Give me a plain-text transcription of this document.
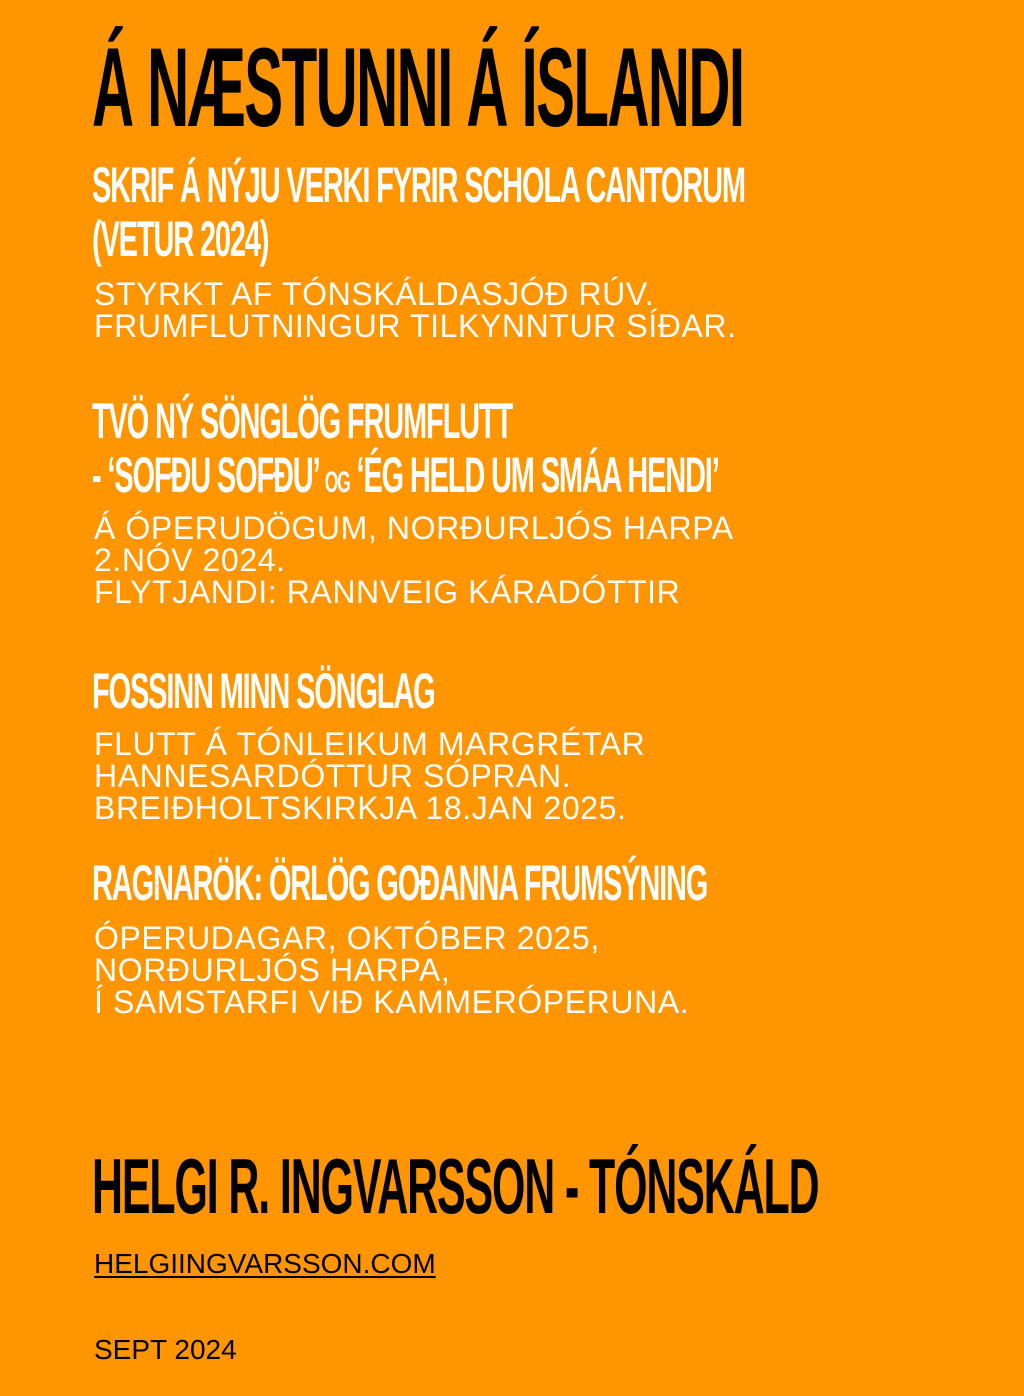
Á NÆSTUNNI Á ÍSLANDI
SKRIF Á NÝJU VERKI FYRIR SCHOLA CANTORUM
(VETUR 2024)
STYRKT AF TÓNSKÁLDASJÓÐ RÚV.
FRUMFLUTNINGUR TILKYNNTUR SÍÐAR.
TVÖ NÝ SÖNGLÖG FRUMFLUTT
- ‘SOFÐU SOFÐU’ OG ‘ÉG HELD UM SMÁA HENDI’
Á ÓPERUDÖGUM, NORÐURLJÓS HARPA
2.NÓV 2024.
FLYTJANDI: RANNVEIG KÁRADÓTTIR
FOSSINN MINN SÖNGLAG
FLUTT Á TÓNLEIKUM MARGRÉTAR
HANNESARDÓTTUR SÓPRAN.
BREIÐHOLTSKIRKJA 18.JAN 2025.
RAGNARÖK: ÖRLÖG GOÐANNA FRUMSÝNING
ÓPERUDAGAR, OKTÓBER 2025,
NORÐURLJÓS HARPA,
Í SAMSTARFI VIÐ KAMMERÓPERUNA.
HELGI R. INGVARSSON - TÓNSKÁLD
HELGIINGVARSSON.COM
SEPT 2024
